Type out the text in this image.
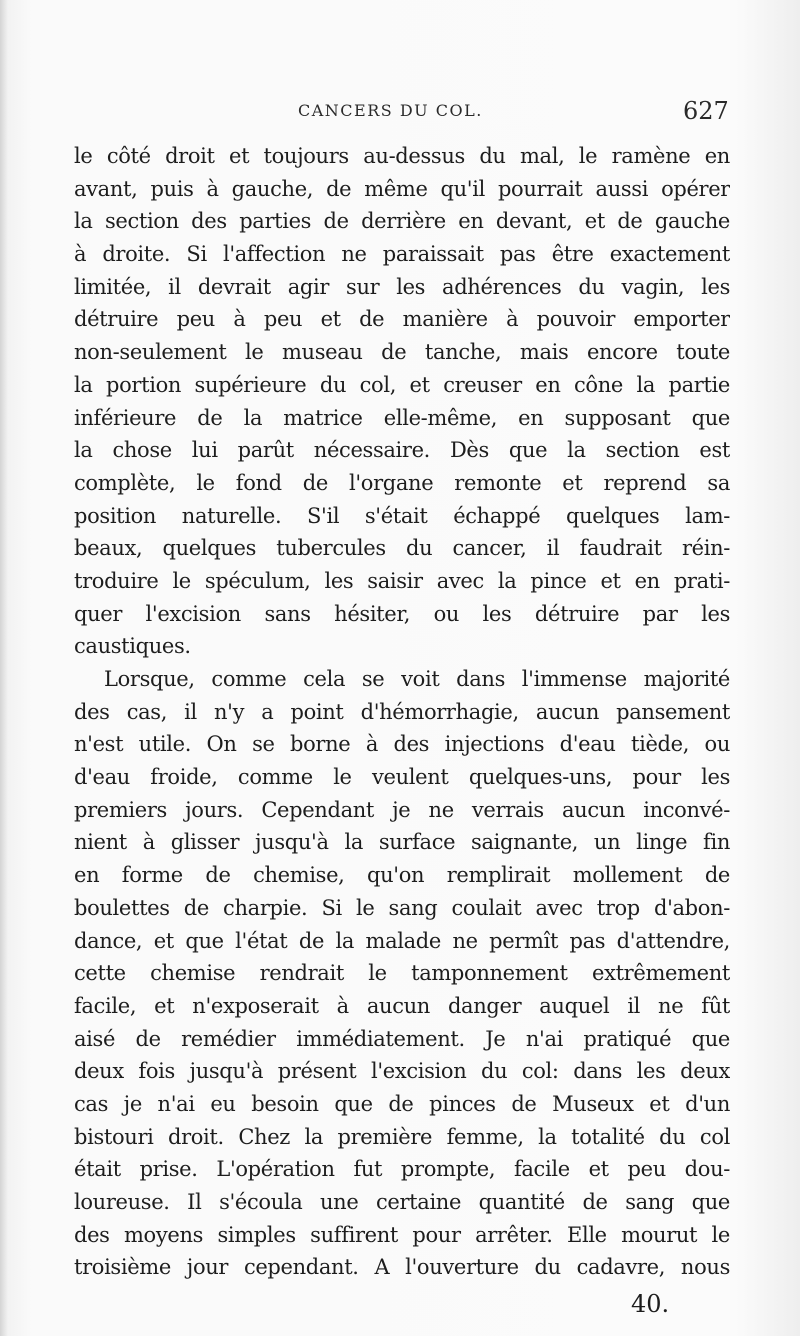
CANCERS DU COL.	627
le côté droit et toujours au-dessus du mal, le ramène en
avant, puis à gauche, de même qu'il pourrait aussi opérer
la section des parties de derrière en devant, et de gauche
à droite. Si l'affection ne paraissait pas être exactement
limitée, il devrait agir sur les adhérences du vagin, les
détruire peu à peu et de manière à pouvoir emporter
non-seulement le museau de tanche, mais encore toute
la portion supérieure du col, et creuser en cône la partie
inférieure de la matrice elle-même, en supposant que
la chose lui parût nécessaire. Dès que la section est
complète, le fond de l'organe remonte et reprend sa
position naturelle. S'il s'était échappé quelques lam-
beaux, quelques tubercules du cancer, il faudrait réin-
troduire le spéculum, les saisir avec la pince et en prati-
quer l'excision sans hésiter, ou les détruire par les
caustiques.
Lorsque, comme cela se voit dans l'immense majorité
des cas, il n'y a point d'hémorrhagie, aucun pansement
n'est utile. On se borne à des injections d'eau tiède, ou
d'eau froide, comme le veulent quelques-uns, pour les
premiers jours. Cependant je ne verrais aucun inconvé-
nient à glisser jusqu'à la surface saignante, un linge fin
en forme de chemise, qu'on remplirait mollement de
boulettes de charpie. Si le sang coulait avec trop d'abon-
dance, et que l'état de la malade ne permît pas d'attendre,
cette chemise rendrait le tamponnement extrêmement
facile, et n'exposerait à aucun danger auquel il ne fût
aisé de remédier immédiatement. Je n'ai pratiqué que
deux fois jusqu'à présent l'excision du col: dans les deux
cas je n'ai eu besoin que de pinces de Museux et d'un
bistouri droit. Chez la première femme, la totalité du col
était prise. L'opération fut prompte, facile et peu dou-
loureuse. Il s'écoula une certaine quantité de sang que
des moyens simples suffirent pour arrêter. Elle mourut le
troisième jour cependant. A l'ouverture du cadavre, nous
40.
